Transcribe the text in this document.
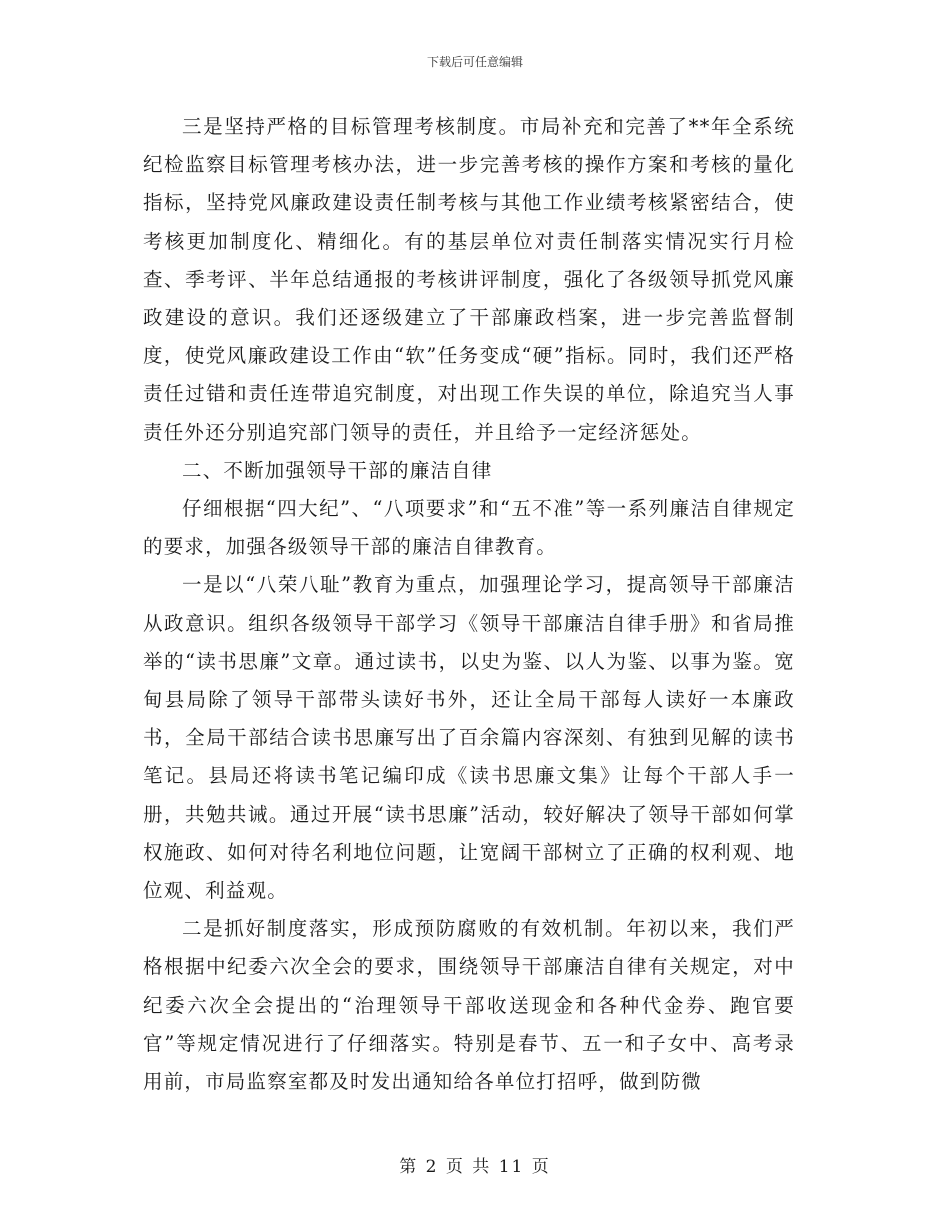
下载后可任意编辑

三是坚持严格的目标管理考核制度。市局补充和完善了**年全系统纪检监察目标管理考核办法，进一步完善考核的操作方案和考核的量化指标，坚持党风廉政建设责任制考核与其他工作业绩考核紧密结合，使考核更加制度化、精细化。有的基层单位对责任制落实情况实行月检查、季考评、半年总结通报的考核讲评制度，强化了各级领导抓党风廉政建设的意识。我们还逐级建立了干部廉政档案，进一步完善监督制度，使党风廉政建设工作由“软”任务变成“硬”指标。同时，我们还严格责任过错和责任连带追究制度，对出现工作失误的单位，除追究当人事责任外还分别追究部门领导的责任，并且给予一定经济惩处。

二、不断加强领导干部的廉洁自律

仔细根据“四大纪”、“八项要求”和“五不准”等一系列廉洁自律规定的要求，加强各级领导干部的廉洁自律教育。

一是以“八荣八耻”教育为重点，加强理论学习，提高领导干部廉洁从政意识。组织各级领导干部学习《领导干部廉洁自律手册》和省局推举的“读书思廉”文章。通过读书，以史为鉴、以人为鉴、以事为鉴。宽甸县局除了领导干部带头读好书外，还让全局干部每人读好一本廉政书，全局干部结合读书思廉写出了百余篇内容深刻、有独到见解的读书笔记。县局还将读书笔记编印成《读书思廉文集》让每个干部人手一册，共勉共诫。通过开展“读书思廉”活动，较好解决了领导干部如何掌权施政、如何对待名利地位问题，让宽阔干部树立了正确的权利观、地位观、利益观。

二是抓好制度落实，形成预防腐败的有效机制。年初以来，我们严格根据中纪委六次全会的要求，围绕领导干部廉洁自律有关规定，对中纪委六次全会提出的“治理领导干部收送现金和各种代金券、跑官要官”等规定情况进行了仔细落实。特别是春节、五一和子女中、高考录用前，市局监察室都及时发出通知给各单位打招呼，做到防微

第 2 页 共 11 页
